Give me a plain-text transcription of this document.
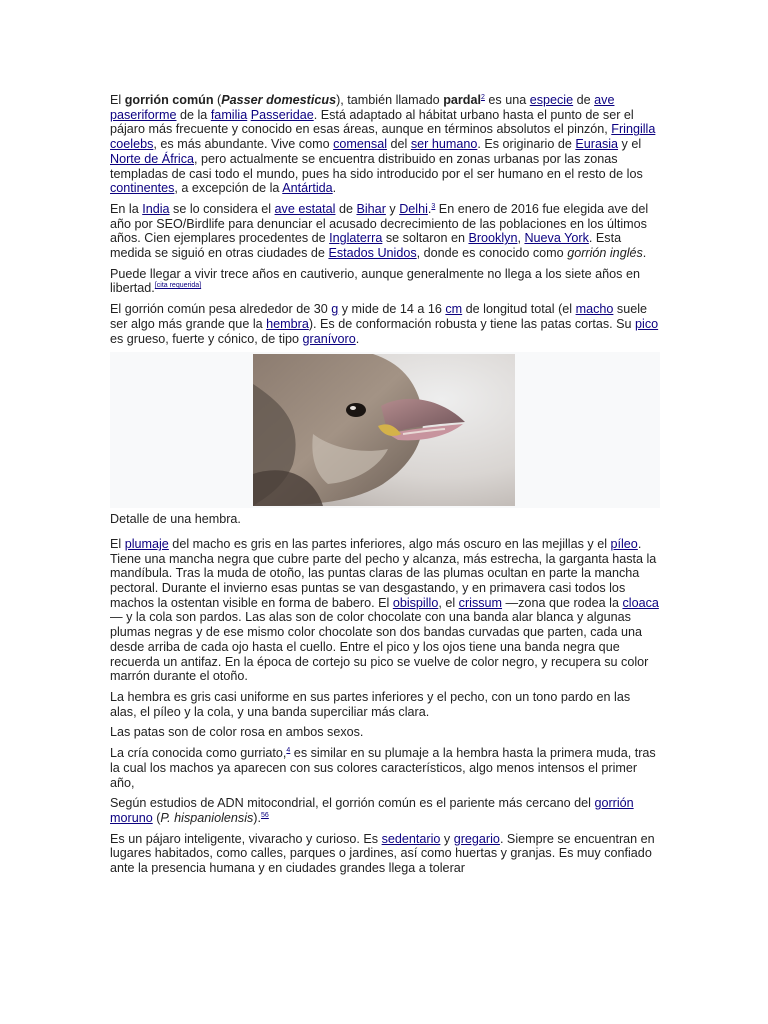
El gorrión común (Passer domesticus), también llamado pardal$^2$ es una especie de ave paseriforme de la familia Passeridae. Está adaptado al hábitat urbano hasta el punto de ser el pájaro más frecuente y conocido en esas áreas, aunque en términos absolutos el pinzón, Fringilla coelebs, es más abundante. Vive como comensal del ser humano. Es originario de Eurasia y el Norte de África, pero actualmente se encuentra distribuido en zonas urbanas por las zonas templadas de casi todo el mundo, pues ha sido introducido por el ser humano en el resto de los continentes, a excepción de la Antártida.

En la India se lo considera el ave estatal de Bihar y Delhi.$^3$ En enero de 2016 fue elegida ave del año por SEO/Birdlife para denunciar el acusado decrecimiento de las poblaciones en los últimos años. Cien ejemplares procedentes de Inglaterra se soltaron en Brooklyn, Nueva York. Esta medida se siguió en otras ciudades de Estados Unidos, donde es conocido como gorrión inglés.

Puede llegar a vivir trece años en cautiverio, aunque generalmente no llega a los siete años en libertad.[cita requerida]

El gorrión común pesa alrededor de 30 g y mide de 14 a 16 cm de longitud total (el macho suele ser algo más grande que la hembra). Es de conformación robusta y tiene las patas cortas. Su pico es grueso, fuerte y cónico, de tipo granívoro.

Detalle de una hembra.

El plumaje del macho es gris en las partes inferiores, algo más oscuro en las mejillas y el píleo. Tiene una mancha negra que cubre parte del pecho y alcanza, más estrecha, la garganta hasta la mandíbula. Tras la muda de otoño, las puntas claras de las plumas ocultan en parte la mancha pectoral. Durante el invierno esas puntas se van desgastando, y en primavera casi todos los machos la ostentan visible en forma de babero. El obispillo, el crissum —zona que rodea la cloaca— y la cola son pardos. Las alas son de color chocolate con una banda alar blanca y algunas plumas negras y de ese mismo color chocolate son dos bandas curvadas que parten, cada una desde arriba de cada ojo hasta el cuello. Entre el pico y los ojos tiene una banda negra que recuerda un antifaz. En la época de cortejo su pico se vuelve de color negro, y recupera su color marrón durante el otoño.

La hembra es gris casi uniforme en sus partes inferiores y el pecho, con un tono pardo en las alas, el píleo y la cola, y una banda superciliar más clara.

Las patas son de color rosa en ambos sexos.

La cría conocida como gurriato,$^4$ es similar en su plumaje a la hembra hasta la primera muda, tras la cual los machos ya aparecen con sus colores característicos, algo menos intensos el primer año,

Según estudios de ADN mitocondrial, el gorrión común es el pariente más cercano del gorrión moruno (P. hispaniolensis).$^{56}$

Es un pájaro inteligente, vivaracho y curioso. Es sedentario y gregario. Siempre se encuentran en lugares habitados, como calles, parques o jardines, así como huertas y granjas. Es muy confiado ante la presencia humana y en ciudades grandes llega a tolerar
